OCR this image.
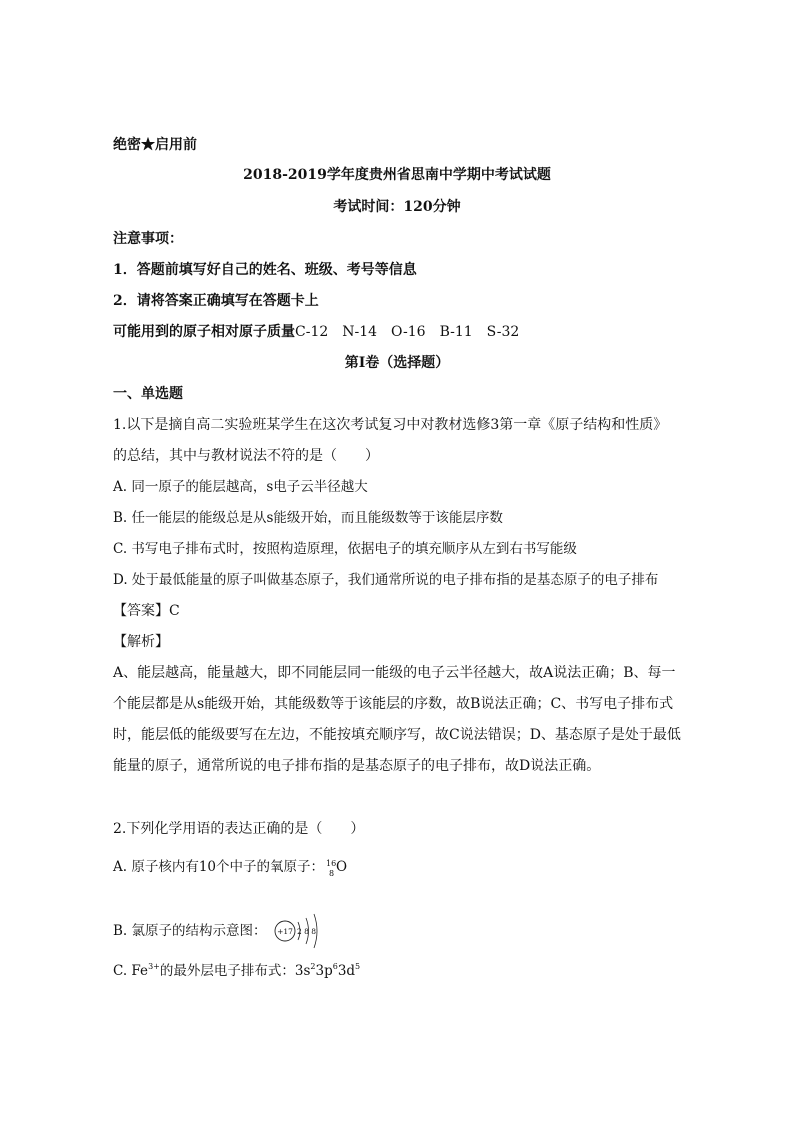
绝密★启用前
2018-2019学年度贵州省思南中学期中考试试题
考试时间：120分钟
注意事项：
1．答题前填写好自己的姓名、班级、考号等信息
2．请将答案正确填写在答题卡上
可能用到的原子相对原子质量C-12　N-14　O-16　B-11　S-32
第I卷（选择题）
一、单选题
1.以下是摘自高二实验班某学生在这次考试复习中对教材选修3第一章《原子结构和性质》
的总结，其中与教材说法不符的是（　　）
A. 同一原子的能层越高，s电子云半径越大
B. 任一能层的能级总是从s能级开始，而且能级数等于该能层序数
C. 书写电子排布式时，按照构造原理，依据电子的填充顺序从左到右书写能级
D. 处于最低能量的原子叫做基态原子，我们通常所说的电子排布指的是基态原子的电子排布
【答案】C
【解析】
A、能层越高，能量越大，即不同能层同一能级的电子云半径越大，故A说法正确；B、每一
个能层都是从s能级开始，其能级数等于该能层的序数，故B说法正确；C、书写电子排布式
时，能层低的能级要写在左边，不能按填充顺序写，故C说法错误；D、基态原子是处于最低
能量的原子，通常所说的电子排布指的是基态原子的电子排布，故D说法正确。
2.下列化学用语的表达正确的是（　　）
A. 原子核内有10个中子的氧原子： 16
8 O
B. 氯原子的结构示意图： +17 2 8 8
C. $Fe^{3+}$的最外层电子排布式：$3s^23p^63d^5$
